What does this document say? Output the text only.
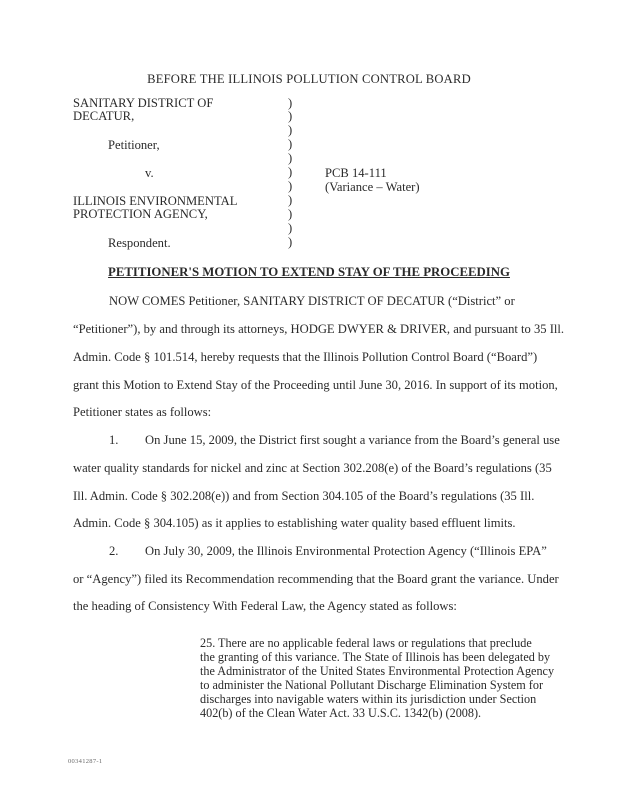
BEFORE THE ILLINOIS POLLUTION CONTROL BOARD
SANITARY DISTRICT OF
DECATUR,
Petitioner,
v.
ILLINOIS ENVIRONMENTAL
PROTECTION AGENCY,
Respondent.
)
)
)
)
)
)
)
)
)
)
)
PCB 14-111
(Variance – Water)
PETITIONER'S MOTION TO EXTEND STAY OF THE PROCEEDING
NOW COMES Petitioner, SANITARY DISTRICT OF DECATUR (“District” or
“Petitioner”), by and through its attorneys, HODGE DWYER & DRIVER, and pursuant to 35 Ill.
Admin. Code § 101.514, hereby requests that the Illinois Pollution Control Board (“Board”)
grant this Motion to Extend Stay of the Proceeding until June 30, 2016. In support of its motion,
Petitioner states as follows:
1. On June 15, 2009, the District first sought a variance from the Board’s general use
water quality standards for nickel and zinc at Section 302.208(e) of the Board’s regulations (35
Ill. Admin. Code § 302.208(e)) and from Section 304.105 of the Board’s regulations (35 Ill.
Admin. Code § 304.105) as it applies to establishing water quality based effluent limits.
2. On July 30, 2009, the Illinois Environmental Protection Agency (“Illinois EPA”
or “Agency”) filed its Recommendation recommending that the Board grant the variance. Under
the heading of Consistency With Federal Law, the Agency stated as follows:
25. There are no applicable federal laws or regulations that preclude
the granting of this variance. The State of Illinois has been delegated by
the Administrator of the United States Environmental Protection Agency
to administer the National Pollutant Discharge Elimination System for
discharges into navigable waters within its jurisdiction under Section
402(b) of the Clean Water Act. 33 U.S.C. 1342(b) (2008).
00341287-1
